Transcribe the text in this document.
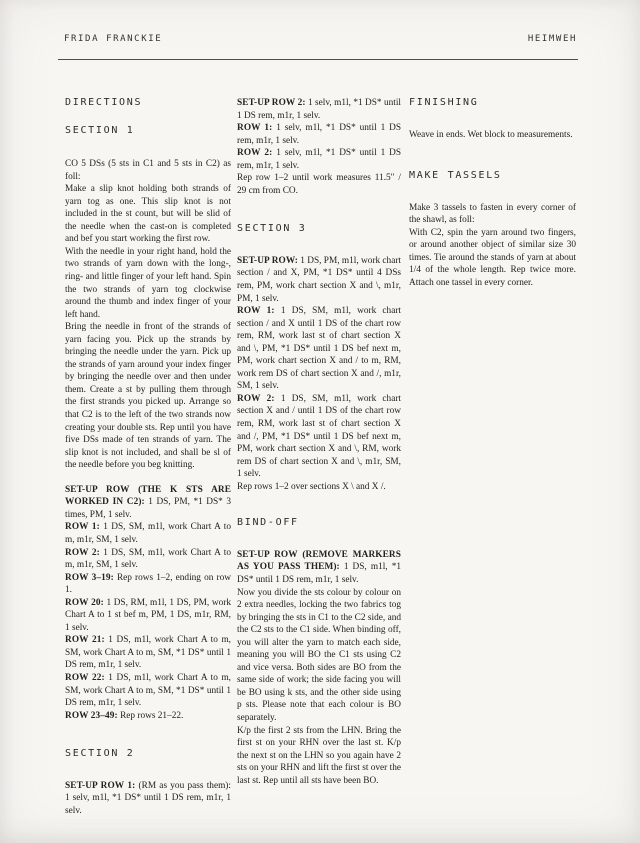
FRIDA FRANCKIE	HEIMWEH
DIRECTIONS
SECTION 1

CO 5 DSs (5 sts in C1 and 5 sts in C2) as foll:

Make a slip knot holding both strands of yarn tog as one. This slip knot is not included in the st count, but will be slid of the needle when the cast-on is completed and bef you start working the first row.

With the needle in your right hand, hold the two strands of yarn down with the long-, ring- and little finger of your left hand. Spin the two strands of yarn tog clockwise around the thumb and index finger of your left hand.

Bring the needle in front of the strands of yarn facing you. Pick up the strands by bringing the needle under the yarn. Pick up the strands of yarn around your index finger by bringing the needle over and then under them. Create a st by pulling them through the first strands you picked up. Arrange so that C2 is to the left of the two strands now creating your double sts. Rep until you have five DSs made of ten strands of yarn. The slip knot is not included, and shall be sl of the needle before you beg knitting.

SET-UP ROW (THE K STS ARE WORKED IN C2): 1 DS, PM, *1 DS* 3 times, PM, 1 selv.

ROW 1: 1 DS, SM, m1l, work Chart A to m, m1r, SM, 1 selv.

ROW 2: 1 DS, SM, m1l, work Chart A to m, m1r, SM, 1 selv.

ROW 3–19: Rep rows 1–2, ending on row 1.

ROW 20: 1 DS, RM, m1l, 1 DS, PM, work Chart A to 1 st bef m, PM, 1 DS, m1r, RM, 1 selv.

ROW 21: 1 DS, m1l, work Chart A to m, SM, work Chart A to m, SM, *1 DS* until 1 DS rem, m1r, 1 selv.

ROW 22: 1 DS, m1l, work Chart A to m, SM, work Chart A to m, SM, *1 DS* until 1 DS rem, m1r, 1 selv.

ROW 23–49: Rep rows 21–22.

SECTION 2

SET-UP ROW 1: (RM as you pass them): 1 selv, m1l, *1 DS* until 1 DS rem, m1r, 1 selv.

SET-UP ROW 2: 1 selv, m1l, *1 DS* until 1 DS rem, m1r, 1 selv.

ROW 1: 1 selv, m1l, *1 DS* until 1 DS rem, m1r, 1 selv.

ROW 2: 1 selv, m1l, *1 DS* until 1 DS rem, m1r, 1 selv.

Rep row 1–2 until work measures 11.5" / 29 cm from CO.

SECTION 3

SET-UP ROW: 1 DS, PM, m1l, work chart section / and X, PM, *1 DS* until 4 DSs rem, PM, work chart section X and \, m1r, PM, 1 selv.

ROW 1: 1 DS, SM, m1l, work chart section / and X until 1 DS of the chart row rem, RM, work last st of chart section X and \, PM, *1 DS* until 1 DS bef next m, PM, work chart section X and / to m, RM, work rem DS of chart section X and /, m1r, SM, 1 selv.

ROW 2: 1 DS, SM, m1l, work chart section X and / until 1 DS of the chart row rem, RM, work last st of chart section X and /, PM, *1 DS* until 1 DS bef next m, PM, work chart section X and \, RM, work rem DS of chart section X and \, m1r, SM, 1 selv.

Rep rows 1–2 over sections X \ and X /.

BIND-OFF

SET-UP ROW (REMOVE MARKERS AS YOU PASS THEM): 1 DS, m1l, *1 DS* until 1 DS rem, m1r, 1 selv.

Now you divide the sts colour by colour on 2 extra needles, locking the two fabrics tog by bringing the sts in C1 to the C2 side, and the C2 sts to the C1 side. When binding off, you will alter the yarn to match each side, meaning you will BO the C1 sts using C2 and vice versa. Both sides are BO from the same side of work; the side facing you will be BO using k sts, and the other side using p sts. Please note that each colour is BO separately.

K/p the first 2 sts from the LHN. Bring the first st on your RHN over the last st. K/p the next st on the LHN so you again have 2 sts on your RHN and lift the first st over the last st. Rep until all sts have been BO.

FINISHING

Weave in ends. Wet block to measurements.

MAKE TASSELS

Make 3 tassels to fasten in every corner of the shawl, as foll:

With C2, spin the yarn around two fingers, or around another object of similar size 30 times. Tie around the stands of yarn at about 1/4 of the whole length. Rep twice more. Attach one tassel in every corner.
